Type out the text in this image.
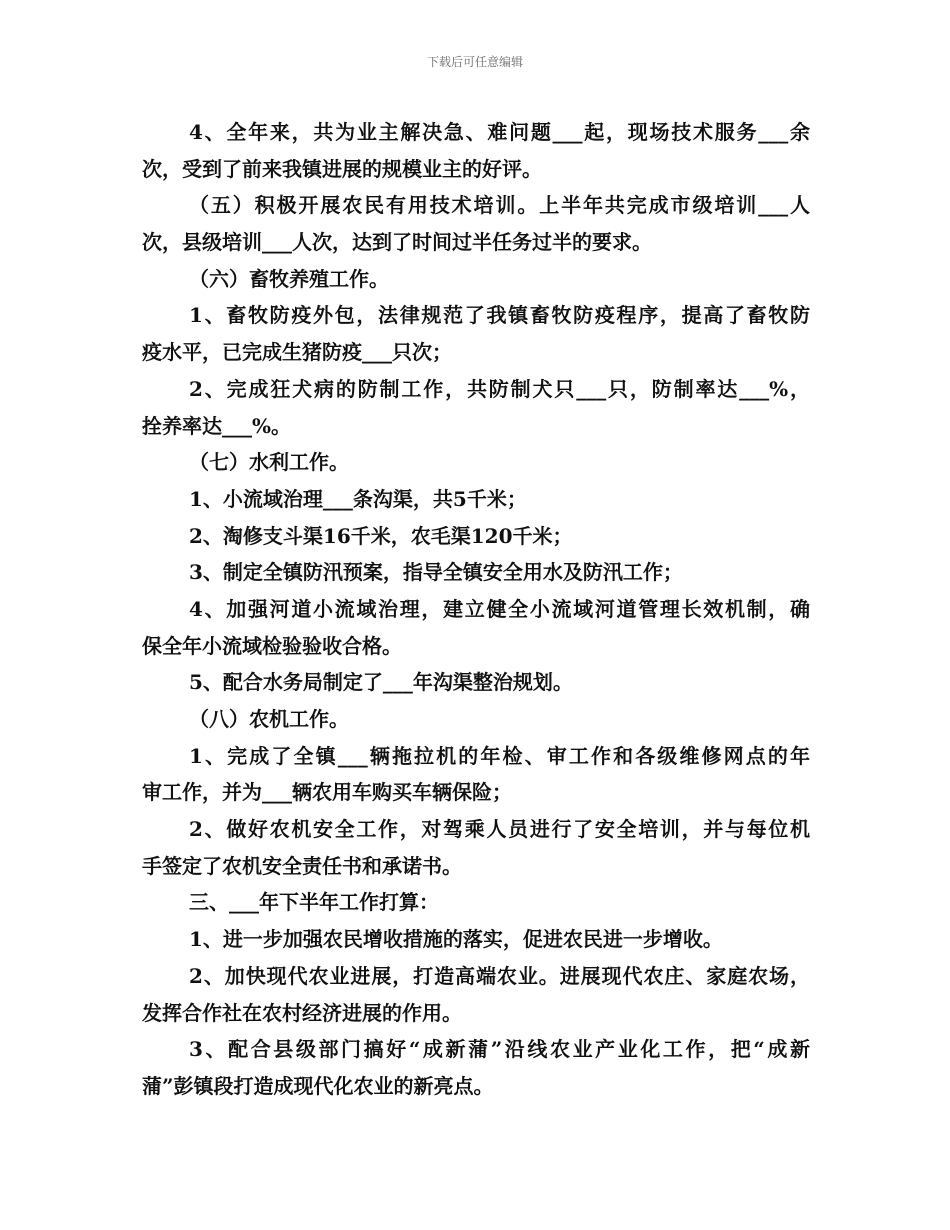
下载后可任意编辑
4、全年来，共为业主解决急、难问题___起，现场技术服务___余
次，受到了前来我镇进展的规模业主的好评。
（五）积极开展农民有用技术培训。上半年共完成市级培训___人
次，县级培训___人次，达到了时间过半任务过半的要求。
（六）畜牧养殖工作。
1、畜牧防疫外包，法律规范了我镇畜牧防疫程序，提高了畜牧防
疫水平，已完成生猪防疫___只次；
2、完成狂犬病的防制工作，共防制犬只___只，防制率达___%，
拴养率达___%。
（七）水利工作。
1、小流域治理___条沟渠，共5千米；
2、淘修支斗渠16千米，农毛渠120千米；
3、制定全镇防汛预案，指导全镇安全用水及防汛工作；
4、加强河道小流域治理，建立健全小流域河道管理长效机制，确
保全年小流域检验验收合格。
5、配合水务局制定了___年沟渠整治规划。
（八）农机工作。
1、完成了全镇___辆拖拉机的年检、审工作和各级维修网点的年
审工作，并为___辆农用车购买车辆保险；
2、做好农机安全工作，对驾乘人员进行了安全培训，并与每位机
手签定了农机安全责任书和承诺书。
三、___年下半年工作打算：
1、进一步加强农民增收措施的落实，促进农民进一步增收。
2、加快现代农业进展，打造高端农业。进展现代农庄、家庭农场，
发挥合作社在农村经济进展的作用。
3、配合县级部门搞好“成新蒲”沿线农业产业化工作，把“成新
蒲”彭镇段打造成现代化农业的新亮点。
